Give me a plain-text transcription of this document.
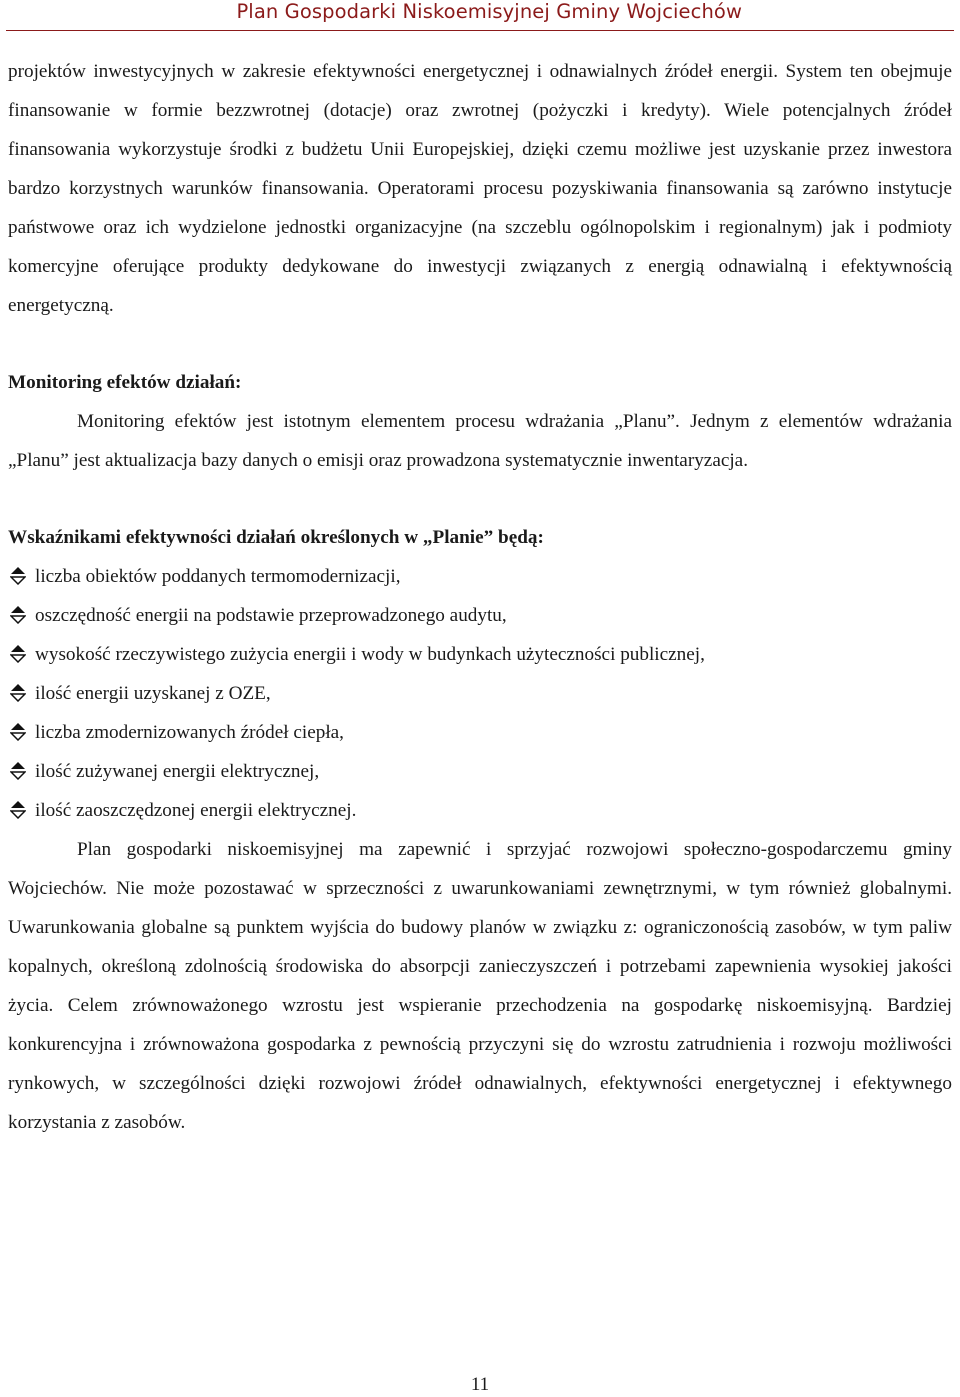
Plan Gospodarki Niskoemisyjnej Gminy Wojciechów

projektów inwestycyjnych w zakresie efektywności energetycznej i odnawialnych źródeł energii. System ten obejmuje finansowanie w formie bezzwrotnej (dotacje) oraz zwrotnej (pożyczki i kredyty). Wiele potencjalnych źródeł finansowania wykorzystuje środki z budżetu Unii Europejskiej, dzięki czemu możliwe jest uzyskanie przez inwestora bardzo korzystnych warunków finansowania. Operatorami procesu pozyskiwania finansowania są zarówno instytucje państwowe oraz ich wydzielone jednostki organizacyjne (na szczeblu ogólnopolskim i regionalnym) jak i podmioty komercyjne oferujące produkty dedykowane do inwestycji związanych z energią odnawialną i efektywnością energetyczną.

Monitoring efektów działań:

Monitoring efektów jest istotnym elementem procesu wdrażania „Planu”. Jednym z elementów wdrażania „Planu” jest aktualizacja bazy danych o emisji oraz prowadzona systematycznie inwentaryzacja.

Wskaźnikami efektywności działań określonych w „Planie” będą:

liczba obiektów poddanych termomodernizacji,
oszczędność energii na podstawie przeprowadzonego audytu,
wysokość rzeczywistego zużycia energii i wody w budynkach użyteczności publicznej,
ilość energii uzyskanej z OZE,
liczba zmodernizowanych źródeł ciepła,
ilość zużywanej energii elektrycznej,
ilość zaoszczędzonej energii elektrycznej.

Plan gospodarki niskoemisyjnej ma zapewnić i sprzyjać rozwojowi społeczno-gospodarczemu gminy Wojciechów. Nie może pozostawać w sprzeczności z uwarunkowaniami zewnętrznymi, w tym również globalnymi. Uwarunkowania globalne są punktem wyjścia do budowy planów w związku z: ograniczonością zasobów, w tym paliw kopalnych, określoną zdolnością środowiska do absorpcji zanieczyszczeń i potrzebami zapewnienia wysokiej jakości życia. Celem zrównoważonego wzrostu jest wspieranie przechodzenia na gospodarkę niskoemisyjną. Bardziej konkurencyjna i zrównoważona gospodarka z pewnością przyczyni się do wzrostu zatrudnienia i rozwoju możliwości rynkowych, w szczególności dzięki rozwojowi źródeł odnawialnych, efektywności energetycznej i efektywnego korzystania z zasobów.

11
